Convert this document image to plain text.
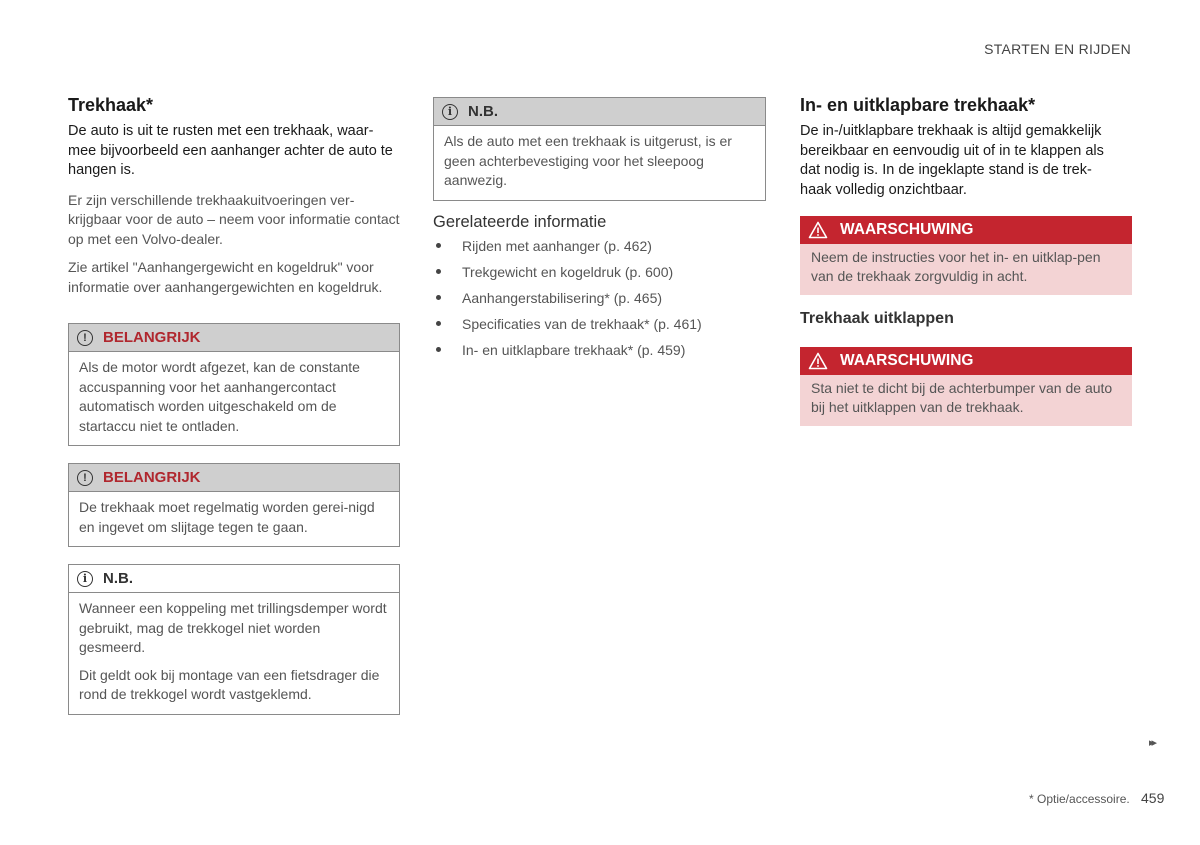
STARTEN EN RIJDEN
Trekhaak*

De auto is uit te rusten met een trekhaak, waar-mee bijvoorbeeld een aanhanger achter de auto te hangen is.

Er zijn verschillende trekhaakuitvoeringen ver-krijgbaar voor de auto – neem voor informatie contact op met een Volvo-dealer.

Zie artikel "Aanhangergewicht en kogeldruk" voor informatie over aanhangergewichten en kogeldruk.

!	BELANGRIJK

Als de motor wordt afgezet, kan de constante accuspanning voor het aanhangercontact automatisch worden uitgeschakeld om de startaccu niet te ontladen.

!	BELANGRIJK

De trekhaak moet regelmatig worden gerei-nigd en ingevet om slijtage tegen te gaan.

i	N.B.

Wanneer een koppeling met trillingsdemper wordt gebruikt, mag de trekkogel niet worden gesmeerd.

Dit geldt ook bij montage van een fietsdrager die rond de trekkogel wordt vastgeklemd.

i	N.B.

Als de auto met een trekhaak is uitgerust, is er geen achterbevestiging voor het sleepoog aanwezig.

Gerelateerde informatie
Rijden met aanhanger (p. 462)
Trekgewicht en kogeldruk (p. 600)
Aanhangerstabilisering* (p. 465)
Specificaties van de trekhaak* (p. 461)
In- en uitklapbare trekhaak* (p. 459)
In- en uitklapbare trekhaak*

De in-/uitklapbare trekhaak is altijd gemakkelijk bereikbaar en eenvoudig uit of in te klappen als dat nodig is. In de ingeklapte stand is de trek-haak volledig onzichtbaar.

WAARSCHUWING

Neem de instructies voor het in- en uitklap-pen van de trekhaak zorgvuldig in acht.

Trekhaak uitklappen
WAARSCHUWING

Sta niet te dicht bij de achterbumper van de auto bij het uitklappen van de trekhaak.

▸▸
* Optie/accessoire. 459
